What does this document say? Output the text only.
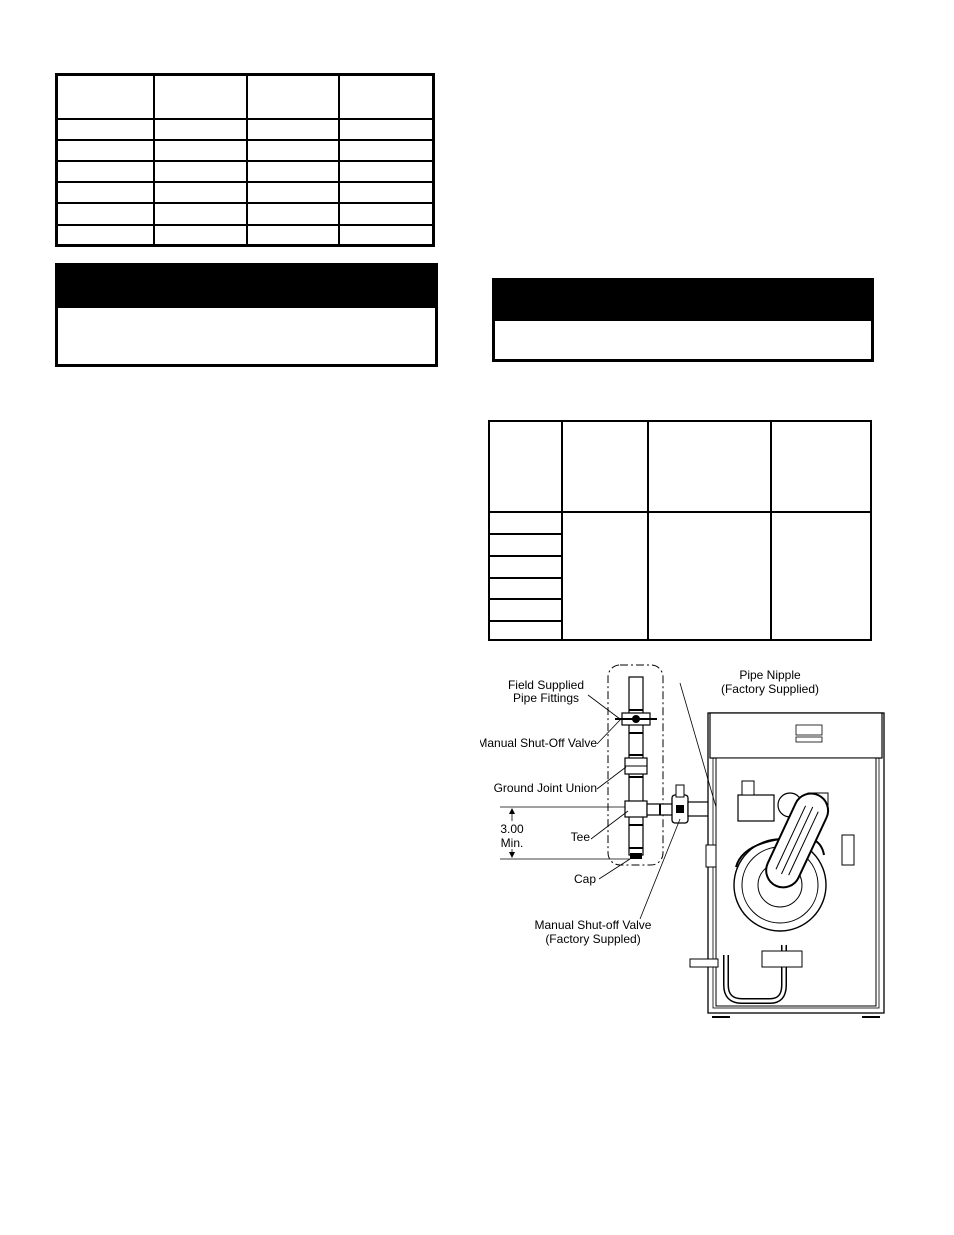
Field Supplied
Pipe Fittings
Manual Shut-Off Valve
Ground Joint Union
3.00
Min.	Tee
Cap
Pipe Nipple
(Factory Supplied)
Manual Shut-off Valve
(Factory Suppled)
